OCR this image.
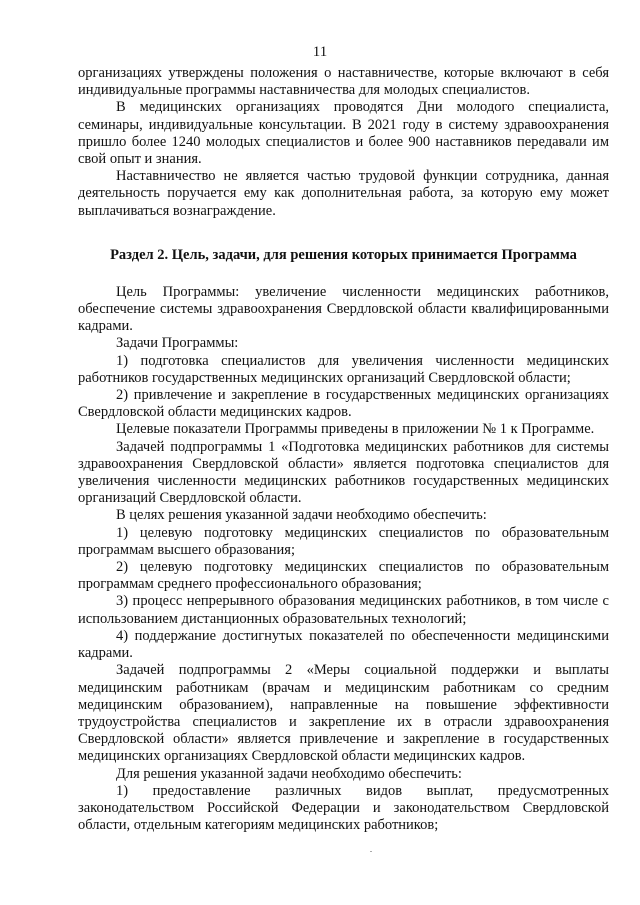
11

организациях утверждены положения о наставничестве, которые включают в себя индивидуальные программы наставничества для молодых специалистов.

В медицинских организациях проводятся Дни молодого специалиста, семинары, индивидуальные консультации. В 2021 году в систему здравоохранения пришло более 1240 молодых специалистов и более 900 наставников передавали им свой опыт и знания.

Наставничество не является частью трудовой функции сотрудника, данная деятельность поручается ему как дополнительная работа, за которую ему может выплачиваться вознаграждение.

Раздел 2. Цель, задачи, для решения которых принимается Программа

Цель Программы: увеличение численности медицинских работников, обеспечение системы здравоохранения Свердловской области квалифицированными кадрами.

Задачи Программы:

1) подготовка специалистов для увеличения численности медицинских работников государственных медицинских организаций Свердловской области;

2) привлечение и закрепление в государственных медицинских организациях Свердловской области медицинских кадров.

Целевые показатели Программы приведены в приложении № 1 к Программе.

Задачей подпрограммы 1 «Подготовка медицинских работников для системы здравоохранения Свердловской области» является подготовка специалистов для увеличения численности медицинских работников государственных медицинских организаций Свердловской области.

В целях решения указанной задачи необходимо обеспечить:

1) целевую подготовку медицинских специалистов по образовательным программам высшего образования;

2) целевую подготовку медицинских специалистов по образовательным программам среднего профессионального образования;

3) процесс непрерывного образования медицинских работников, в том числе с использованием дистанционных образовательных технологий;

4) поддержание достигнутых показателей по обеспеченности медицинскими кадрами.

Задачей подпрограммы 2 «Меры социальной поддержки и выплаты медицинским работникам (врачам и медицинским работникам со средним медицинским образованием), направленные на повышение эффективности трудоустройства специалистов и закрепление их в отрасли здравоохранения Свердловской области» является привлечение и закрепление в государственных медицинских организациях Свердловской области медицинских кадров.

Для решения указанной задачи необходимо обеспечить:

1) предоставление различных видов выплат, предусмотренных законодательством Российской Федерации и законодательством Свердловской области, отдельным категориям медицинских работников;
